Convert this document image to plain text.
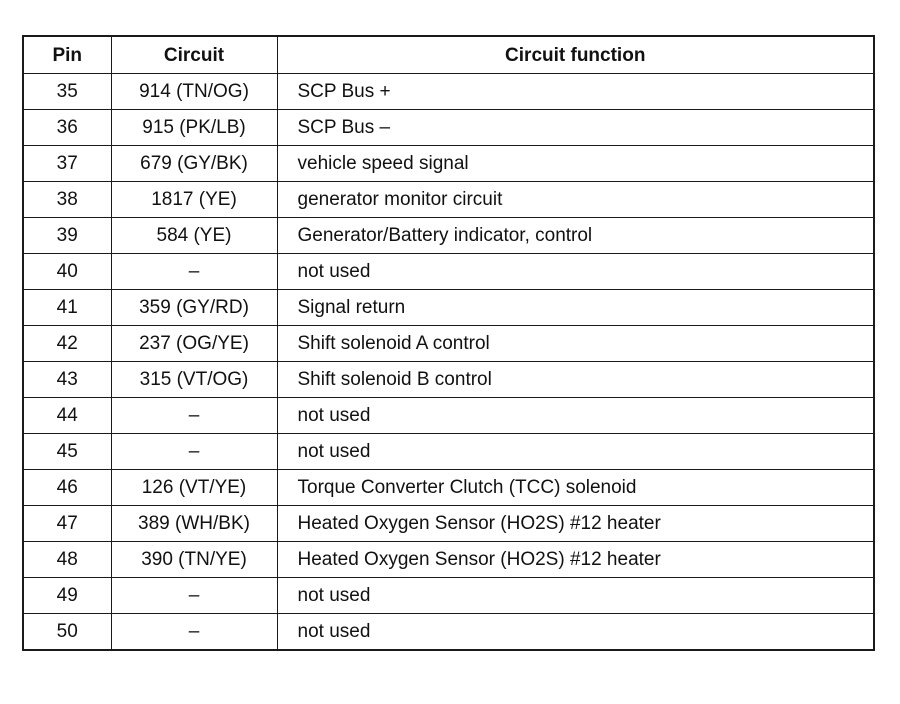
Pin	Circuit	Circuit function
35	914 (TN/OG)	SCP Bus +
36	915 (PK/LB)	SCP Bus –
37	679 (GY/BK)	vehicle speed signal
38	1817 (YE)	generator monitor circuit
39	584 (YE)	Generator/Battery indicator, control
40	–	not used
41	359 (GY/RD)	Signal return
42	237 (OG/YE)	Shift solenoid A control
43	315 (VT/OG)	Shift solenoid B control
44	–	not used
45	–	not used
46	126 (VT/YE)	Torque Converter Clutch (TCC) solenoid
47	389 (WH/BK)	Heated Oxygen Sensor (HO2S) #12 heater
48	390 (TN/YE)	Heated Oxygen Sensor (HO2S) #12 heater
49	–	not used
50	–	not used
